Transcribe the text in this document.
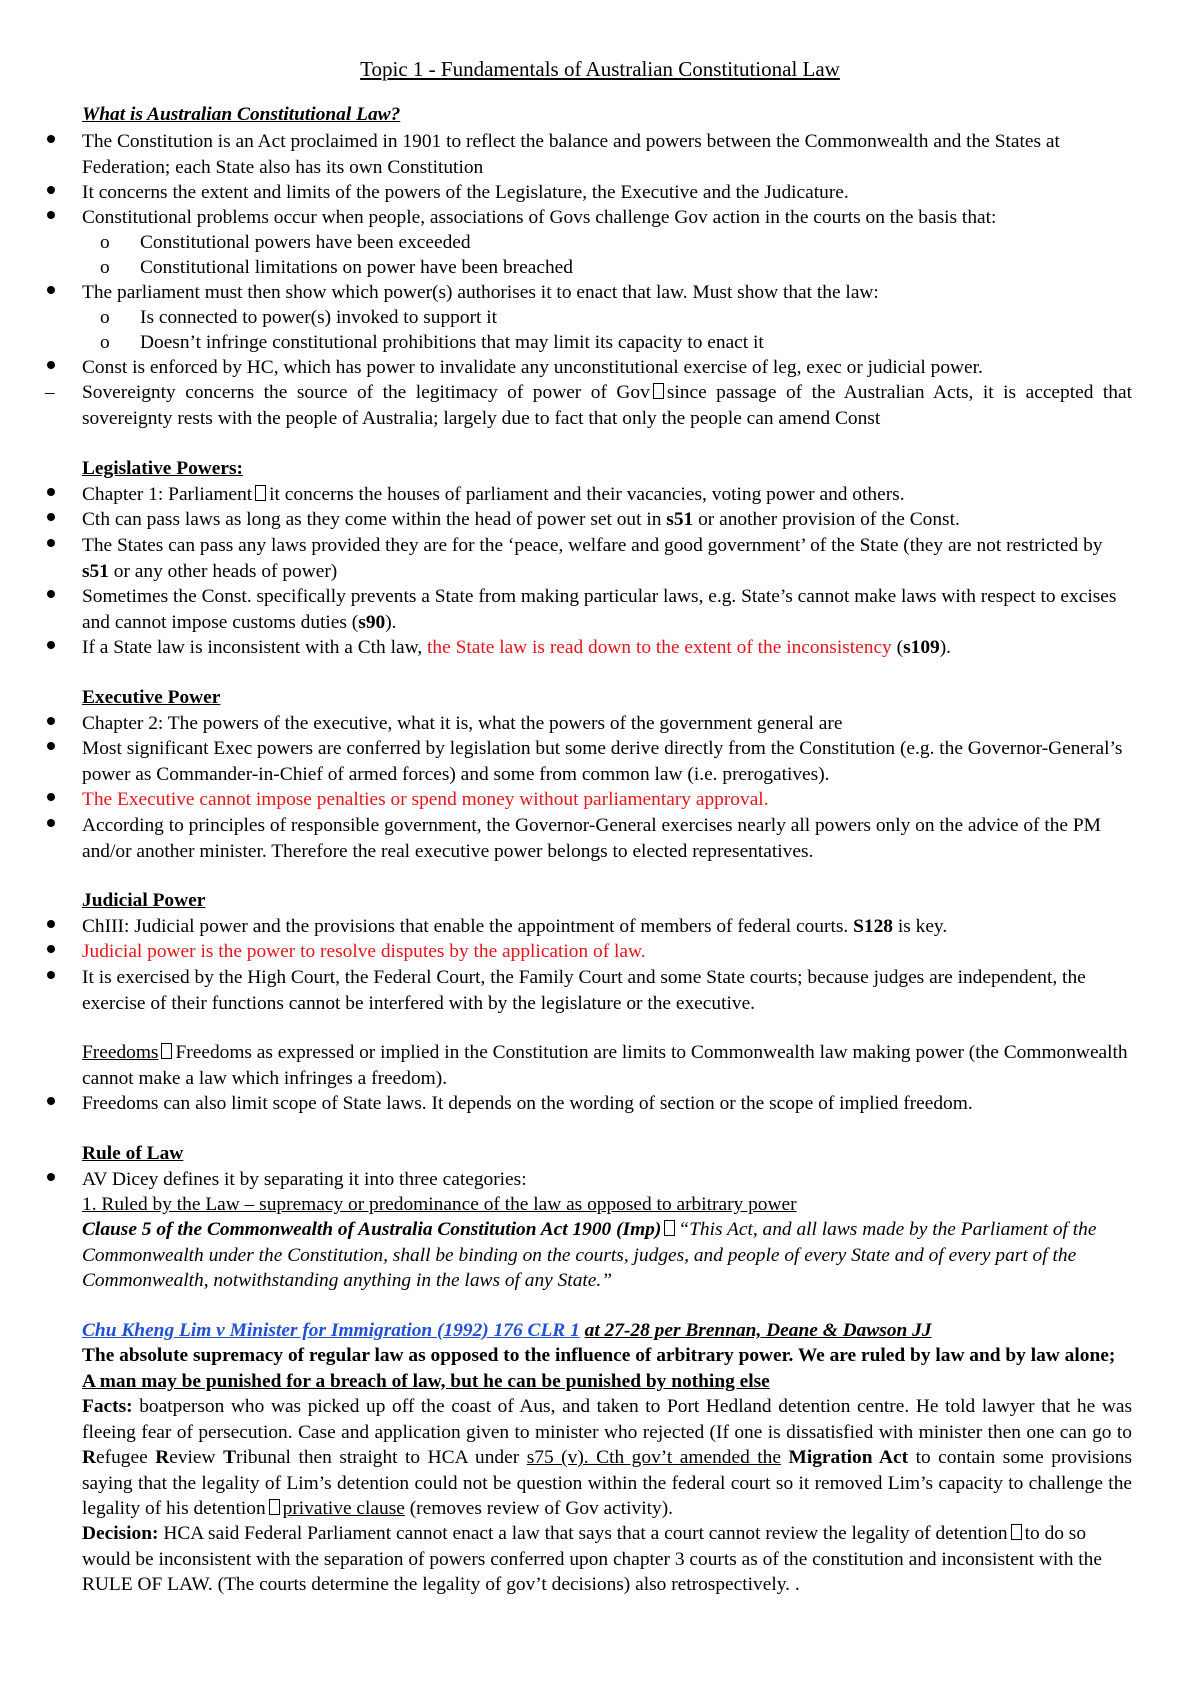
Topic 1 - Fundamentals of Australian Constitutional Law
What is Australian Constitutional Law?
The Constitution is an Act proclaimed in 1901 to reflect the balance and powers between the Commonwealth and the States at Federation; each State also has its own Constitution
It concerns the extent and limits of the powers of the Legislature, the Executive and the Judicature.
Constitutional problems occur when people, associations of Govs challenge Gov action in the courts on the basis that:
o Constitutional powers have been exceeded
o Constitutional limitations on power have been breached
The parliament must then show which power(s) authorises it to enact that law. Must show that the law:
o Is connected to power(s) invoked to support it
o Doesn’t infringe constitutional prohibitions that may limit its capacity to enact it
Const is enforced by HC, which has power to invalidate any unconstitutional exercise of leg, exec or judicial power.
– Sovereignty concerns the source of the legitimacy of power of Gov since passage of the Australian Acts, it is accepted that sovereignty rests with the people of Australia; largely due to fact that only the people can amend Const
Legislative Powers:
Chapter 1: Parliament it concerns the houses of parliament and their vacancies, voting power and others.
Cth can pass laws as long as they come within the head of power set out in s51 or another provision of the Const.
The States can pass any laws provided they are for the ‘peace, welfare and good government’ of the State (they are not restricted by s51 or any other heads of power)
Sometimes the Const. specifically prevents a State from making particular laws, e.g. State’s cannot make laws with respect to excises and cannot impose customs duties (s90).
If a State law is inconsistent with a Cth law, the State law is read down to the extent of the inconsistency (s109).
Executive Power
Chapter 2: The powers of the executive, what it is, what the powers of the government general are
Most significant Exec powers are conferred by legislation but some derive directly from the Constitution (e.g. the Governor-General’s power as Commander-in-Chief of armed forces) and some from common law (i.e. prerogatives).
The Executive cannot impose penalties or spend money without parliamentary approval.
According to principles of responsible government, the Governor-General exercises nearly all powers only on the advice of the PM and/or another minister. Therefore the real executive power belongs to elected representatives.
Judicial Power
ChIII: Judicial power and the provisions that enable the appointment of members of federal courts. S128 is key.
Judicial power is the power to resolve disputes by the application of law.
It is exercised by the High Court, the Federal Court, the Family Court and some State courts; because judges are independent, the exercise of their functions cannot be interfered with by the legislature or the executive.
Freedoms Freedoms as expressed or implied in the Constitution are limits to Commonwealth law making power (the Commonwealth cannot make a law which infringes a freedom).
Freedoms can also limit scope of State laws. It depends on the wording of section or the scope of implied freedom.
Rule of Law
AV Dicey defines it by separating it into three categories:
1. Ruled by the Law – supremacy or predominance of the law as opposed to arbitrary power
Clause 5 of the Commonwealth of Australia Constitution Act 1900 (Imp) “This Act, and all laws made by the Parliament of the Commonwealth under the Constitution, shall be binding on the courts, judges, and people of every State and of every part of the Commonwealth, notwithstanding anything in the laws of any State.”
Chu Kheng Lim v Minister for Immigration (1992) 176 CLR 1 at 27-28 per Brennan, Deane & Dawson JJ
The absolute supremacy of regular law as opposed to the influence of arbitrary power. We are ruled by law and by law alone; A man may be punished for a breach of law, but he can be punished by nothing else
Facts: boatperson who was picked up off the coast of Aus, and taken to Port Hedland detention centre. He told lawyer that he was fleeing fear of persecution. Case and application given to minister who rejected (If one is dissatisfied with minister then one can go to Refugee Review Tribunal then straight to HCA under s75 (v). Cth gov’t amended the Migration Act to contain some provisions saying that the legality of Lim’s detention could not be question within the federal court so it removed Lim’s capacity to challenge the legality of his detention privative clause (removes review of Gov activity).
Decision: HCA said Federal Parliament cannot enact a law that says that a court cannot review the legality of detention to do so would be inconsistent with the separation of powers conferred upon chapter 3 courts as of the constitution and inconsistent with the RULE OF LAW. (The courts determine the legality of gov’t decisions) also retrospectively. .
